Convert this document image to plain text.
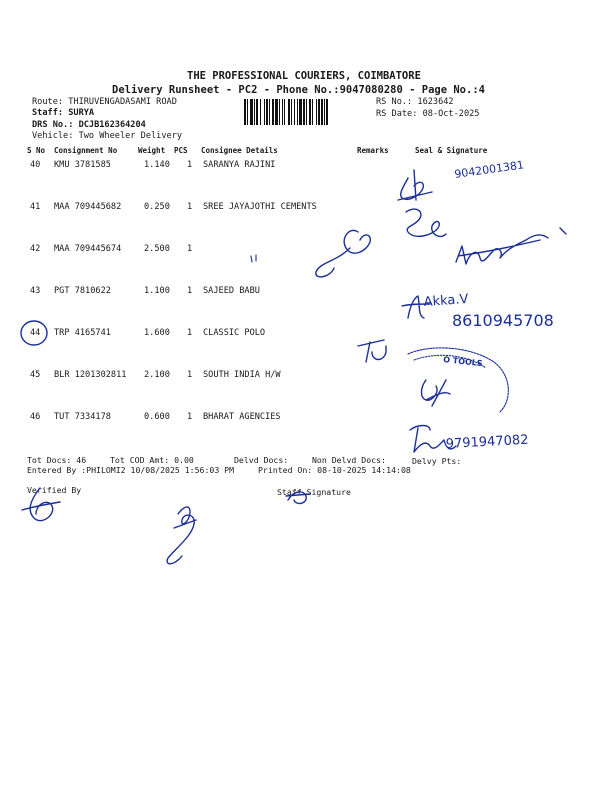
THE PROFESSIONAL COURIERS, COIMBATORE
Delivery Runsheet - PC2 - Phone No.:9047080280 - Page No.:4
Route: THIRUVENGADASAMI ROAD
Staff: SURYA
DRS No.: DCJB162364204
Vehicle: Two Wheeler Delivery
RS No.: 1623642
RS Date: 08-Oct-2025
S No Consignment No	Weight PCS Consignee Details	Remarks	Seal & Signature
40 KMU 3781585	1.140 1 SARANYA RAJINI
41 MAA 709445682	0.250 1 SREE JAYAJOTHI CEMENTS
42 MAA 709445674	2.500 1
43 PGT 7810622	1.100 1 SAJEED BABU
44 TRP 4165741	1.600 1 CLASSIC POLO
45 BLR 1201302811 2.100 1 SOUTH INDIA H/W
46 TUT 7334178	0.600 1 BHARAT AGENCIES
Tot Docs: 46	Tot COD Amt: 0.00	Delvd Docs:	Non Delvd Docs:	Delvy Pts:
Entered By :PHILOMI2 10/08/2025 1:56:03 PM	Printed On: 08-10-2025 14:14:08
Verified By	Staff Signature
9042001381
Akka.V
8610945708
O TOOLS
9791947082
